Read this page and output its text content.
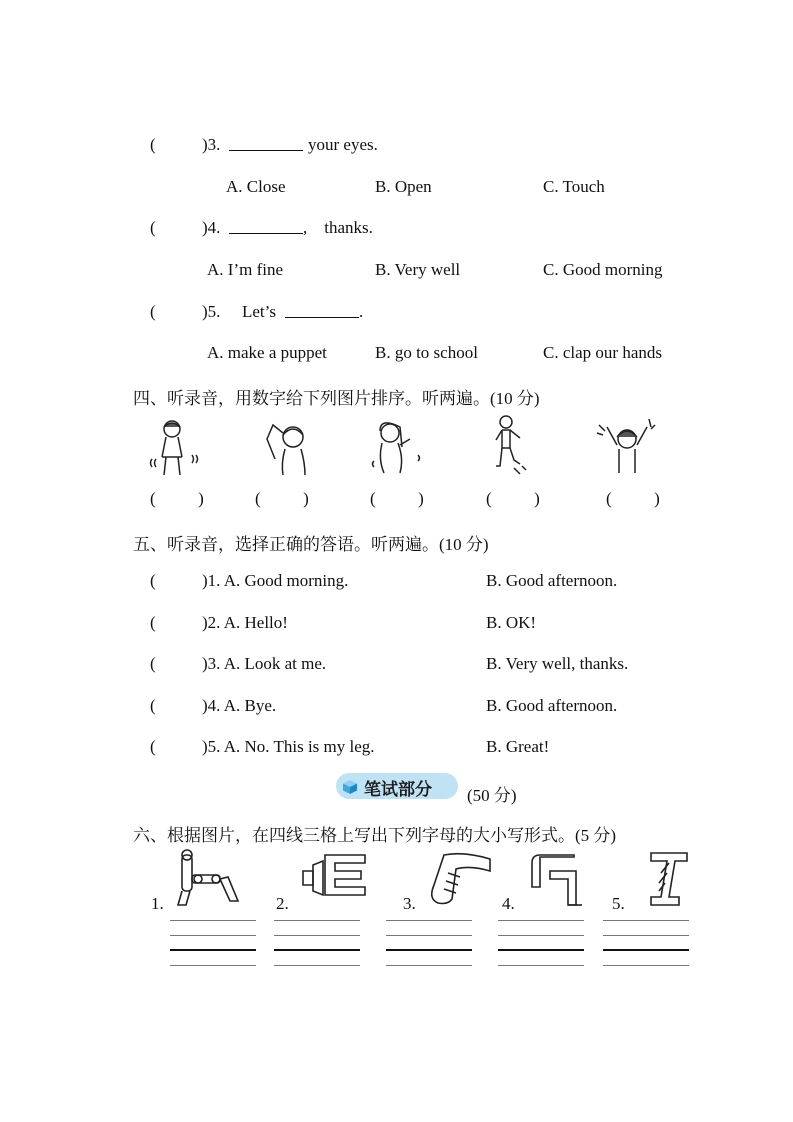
(	)3.	your eyes.
A. Close	B. Open	C. Touch
(	)4.	,    thanks.
A. I’m fine	B. Very well	C. Good morning
(	)5. Let’s	.
A. make a puppet	B. go to school	C. clap our hands
四、听录音，用数字给下列图片排序。听两遍。(10 分)
(          )	(          )	(          )	(          )	(          )
五、听录音，选择正确的答语。听两遍。(10 分)
(	)1. A. Good morning.	B. Good afternoon.
(	)2. A. Hello!	B. OK!
(	)3. A. Look at me.	B. Very well, thanks.
(	)4. A. Bye.	B. Good afternoon.
(	)5. A. No. This is my leg.	B. Great!
笔试部分 (50 分)
六、根据图片，在四线三格上写出下列字母的大小写形式。(5 分)
1.	2.	3.	4.	5.
